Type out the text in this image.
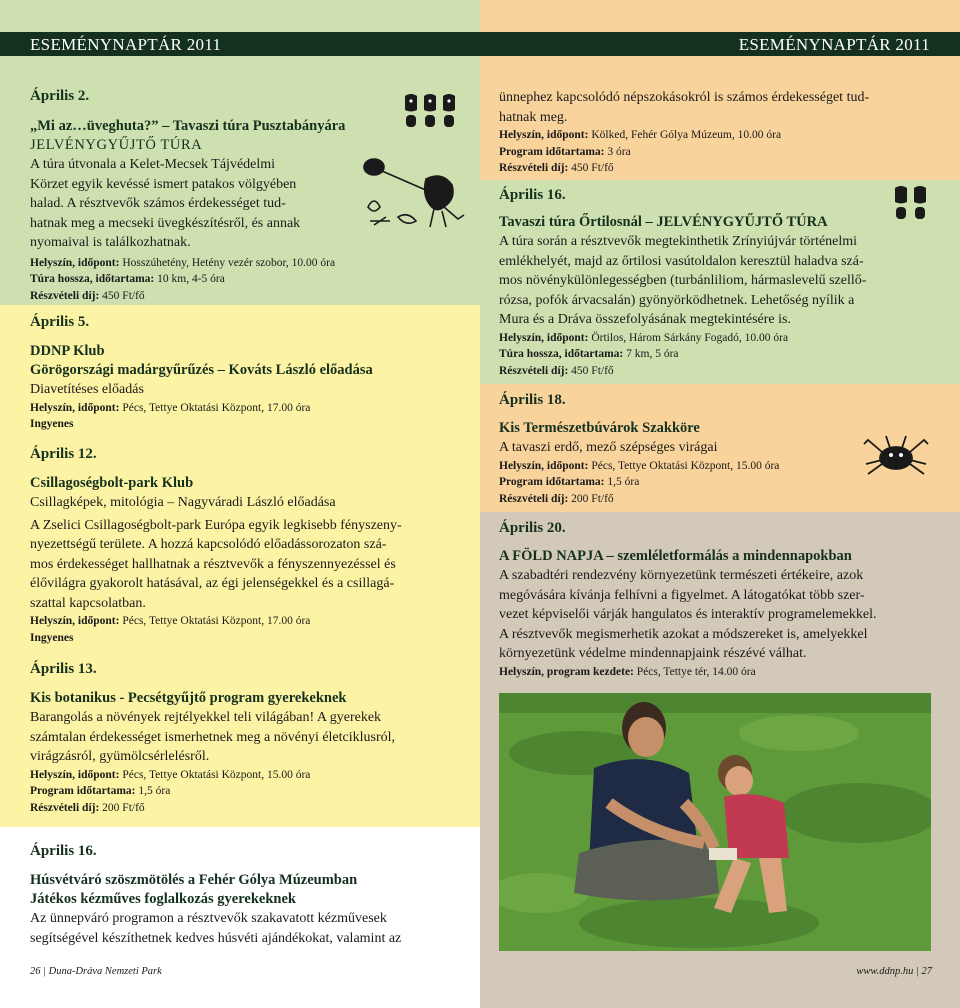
ESEMÉNYNAPTÁR 2011	ESEMÉNYNAPTÁR 2011
Április 2.
„Mi az…üveghuta?” – Tavaszi túra Pusztabányára
JELVÉNYGYŰJTŐ TÚRA
A túra útvonala a Kelet-Mecsek Tájvédelmi
Körzet egyik kevéssé ismert patakos völgyében
halad. A résztvevők számos érdekességet tud-
hatnak meg a mecseki üvegkészítésről, és annak
nyomaival is találkozhatnak.
Helyszín, időpont: Hosszúhetény, Hetény vezér szobor, 10.00 óra
Túra hossza, időtartama: 10 km, 4-5 óra
Részvételi díj: 450 Ft/fő
Április 5.
DDNP Klub
Görögországi madárgyűrűzés – Kováts László előadása
Diavetítéses előadás
Helyszín, időpont: Pécs, Tettye Oktatási Központ, 17.00 óra
Ingyenes
Április 12.
Csillagoségbolt-park Klub
Csillagképek, mitológia – Nagyváradi László előadása
A Zselici Csillagoségbolt-park Európa egyik legkisebb fényszeny-
nyezettségű területe. A hozzá kapcsolódó előadássorozaton szá-
mos érdekességet hallhatnak a résztvevők a fényszennyezéssel és
élővilágra gyakorolt hatásával, az égi jelenségekkel és a csillagá-
szattal kapcsolatban.
Helyszín, időpont: Pécs, Tettye Oktatási Központ, 17.00 óra
Ingyenes
Április 13.
Kis botanikus - Pecsétgyűjtő program gyerekeknek
Barangolás a növények rejtélyekkel teli világában! A gyerekek
számtalan érdekességet ismerhetnek meg a növényi életciklusról,
virágzásról, gyümölcsérlelésről.
Helyszín, időpont: Pécs, Tettye Oktatási Központ, 15.00 óra
Program időtartama: 1,5 óra
Részvételi díj: 200 Ft/fő
Április 16.
Húsvétváró szöszmötölés a Fehér Gólya Múzeumban
Játékos kézműves foglalkozás gyerekeknek
Az ünnepváró programon a résztvevők szakavatott kézművesek
segítségével készíthetnek kedves húsvéti ajándékokat, valamint az
26 | Duna-Dráva Nemzeti Park
ünnephez kapcsolódó népszokásokról is számos érdekességet tud-
hatnak meg.
Helyszín, időpont: Kölked, Fehér Gólya Múzeum, 10.00 óra
Program időtartama: 3 óra
Részvételi díj: 450 Ft/fő
Április 16.
Tavaszi túra Őrtilosnál – JELVÉNYGYŰJTŐ TÚRA
A túra során a résztvevők megtekinthetik Zrínyiújvár történelmi
emlékhelyét, majd az őrtilosi vasútoldalon keresztül haladva szá-
mos növénykülönlegességben (turbánliliom, hármaslevelű szellő-
rózsa, pofók árvacsalán) gyönyörködhetnek. Lehetőség nyílik a
Mura és a Dráva összefolyásának megtekintésére is.
Helyszín, időpont: Örtilos, Három Sárkány Fogadó, 10.00 óra
Túra hossza, időtartama: 7 km, 5 óra
Részvételi díj: 450 Ft/fő
Április 18.
Kis Természetbúvárok Szakköre
A tavaszi erdő, mező szépséges virágai
Helyszín, időpont: Pécs, Tettye Oktatási Központ, 15.00 óra
Program időtartama: 1,5 óra
Részvételi díj: 200 Ft/fő
Április 20.
A FÖLD NAPJA – szemléletformálás a mindennapokban
A szabadtéri rendezvény környezetünk természeti értékeire, azok
megóvására kívánja felhívni a figyelmet. A látogatókat több szer-
vezet képviselői várják hangulatos és interaktív programelemekkel.
A résztvevők megismerhetik azokat a módszereket is, amelyekkel
környezetünk védelme mindennapjaink részévé válhat.
Helyszín, program kezdete: Pécs, Tettye tér, 14.00 óra
www.ddnp.hu | 27
